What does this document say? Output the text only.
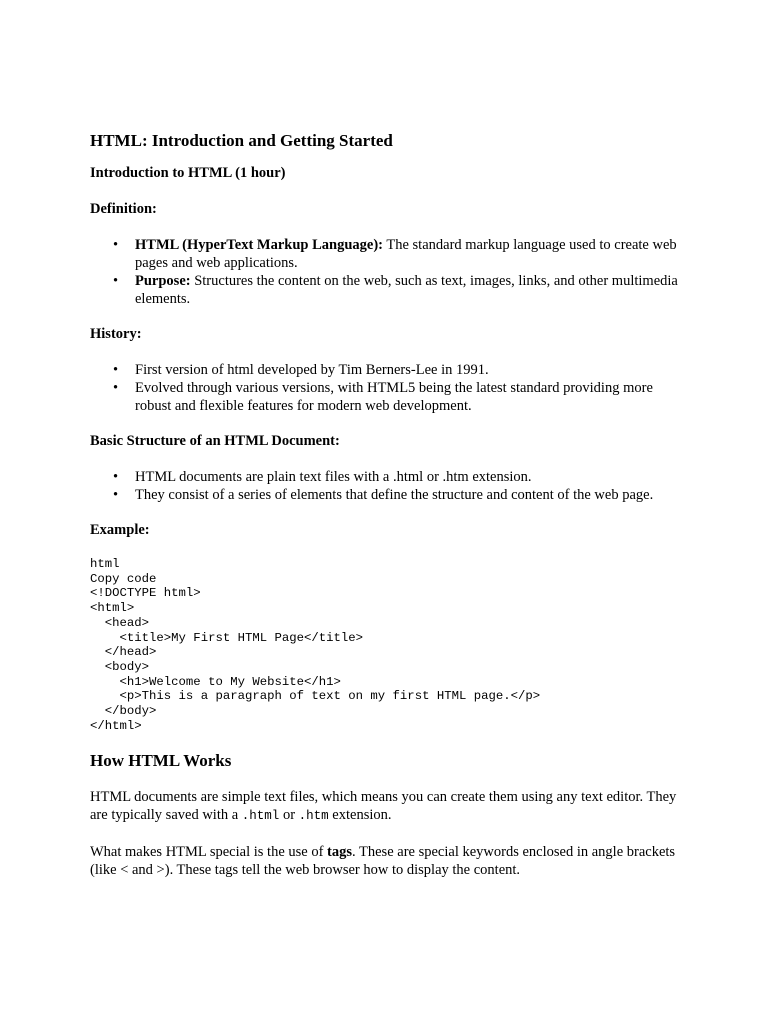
HTML: Introduction and Getting Started
Introduction to HTML (1 hour)
Definition:
• HTML (HyperText Markup Language): The standard markup language used to create web pages and web applications.
• Purpose: Structures the content on the web, such as text, images, links, and other multimedia elements.
History:
• First version of html developed by Tim Berners-Lee in 1991.
• Evolved through various versions, with HTML5 being the latest standard providing more robust and flexible features for modern web development.
Basic Structure of an HTML Document:
• HTML documents are plain text files with a .html or .htm extension.
• They consist of a series of elements that define the structure and content of the web page.
Example:
html
Copy code
<!DOCTYPE html>
<html>
<head>
<title>My First HTML Page</title>
</head>
<body>
<h1>Welcome to My Website</h1>
<p>This is a paragraph of text on my first HTML page.</p>
</body>
</html>
How HTML Works

HTML documents are simple text files, which means you can create them using any text editor. They are typically saved with a .html or .htm extension.

What makes HTML special is the use of tags. These are special keywords enclosed in angle brackets (like < and >). These tags tell the web browser how to display the content.
